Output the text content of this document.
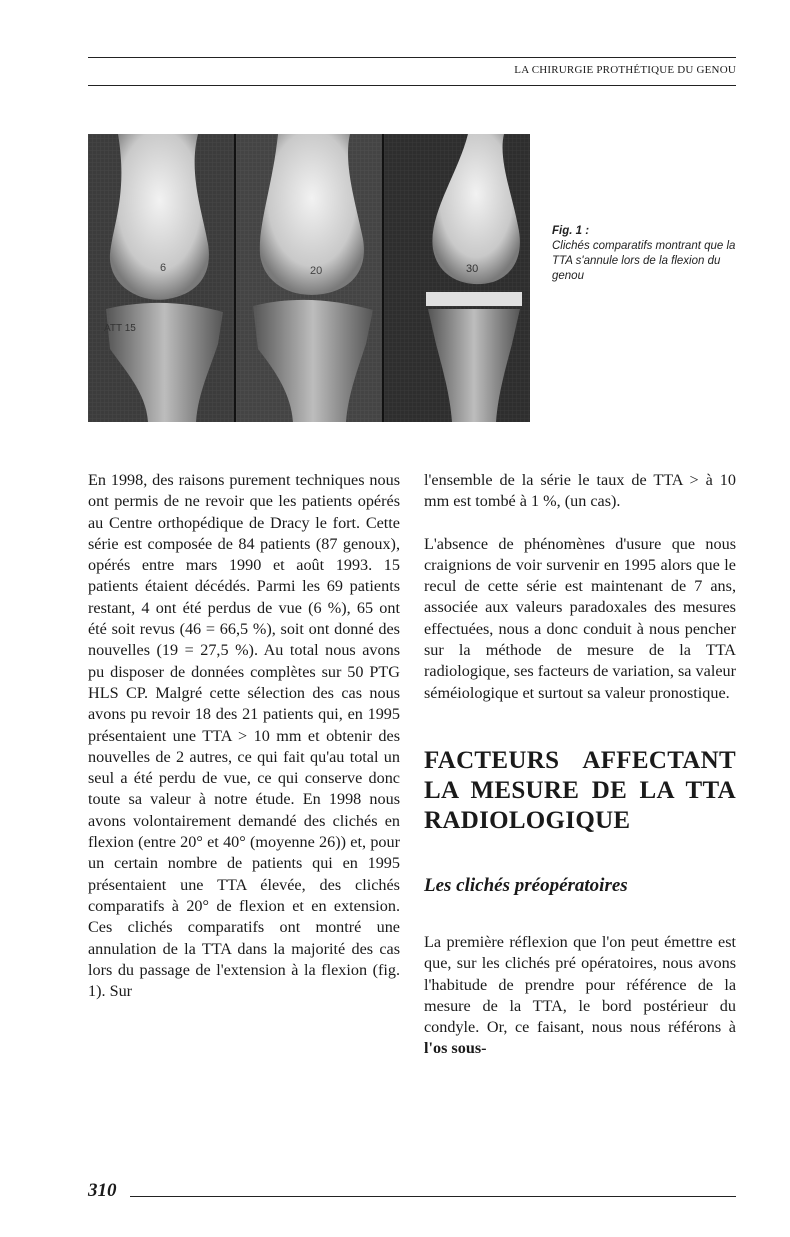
LA CHIRURGIE PROTHÉTIQUE DU GENOU
6
ATT 15
20	30
Fig. 1 :
Clichés comparatifs montrant que la TTA s'annule lors de la flexion du genou

En 1998, des raisons purement techniques nous ont permis de ne revoir que les patients opérés au Centre orthopédique de Dracy le fort. Cette série est composée de 84 patients (87 genoux), opérés entre mars 1990 et août 1993. 15 patients étaient décédés. Parmi les 69 patients restant, 4 ont été perdus de vue (6 %), 65 ont été soit revus (46 = 66,5 %), soit ont donné des nouvelles (19 = 27,5 %). Au total nous avons pu disposer de données complètes sur 50 PTG HLS CP. Malgré cette sélection des cas nous avons pu revoir 18 des 21 patients qui, en 1995 présentaient une TTA > 10 mm et obtenir des nouvelles de 2 autres, ce qui fait qu'au total un seul a été perdu de vue, ce qui conserve donc toute sa valeur à notre étude. En 1998 nous avons volontairement demandé des clichés en flexion (entre 20° et 40° (moyenne 26)) et, pour un certain nombre de patients qui en 1995 présentaient une TTA élevée, des clichés comparatifs à 20° de flexion et en extension. Ces clichés comparatifs ont montré une annulation de la TTA dans la majorité des cas lors du passage de l'extension à la flexion (fig. 1). Sur

l'ensemble de la série le taux de TTA > à 10 mm est tombé à 1 %, (un cas).

L'absence de phénomènes d'usure que nous craignions de voir survenir en 1995 alors que le recul de cette série est maintenant de 7 ans, associée aux valeurs paradoxales des mesures effectuées, nous a donc conduit à nous pencher sur la méthode de mesure de la TTA radiologique, ses facteurs de variation, sa valeur séméiologique et surtout sa valeur pronostique.

FACTEURS AFFECTANT LA MESURE DE LA TTA RADIOLOGIQUE
Les clichés préopératoires

La première réflexion que l'on peut émettre est que, sur les clichés pré opératoires, nous avons l'habitude de prendre pour référence de la mesure de la TTA, le bord postérieur du condyle. Or, ce faisant, nous nous référons à l'os sous-

310
